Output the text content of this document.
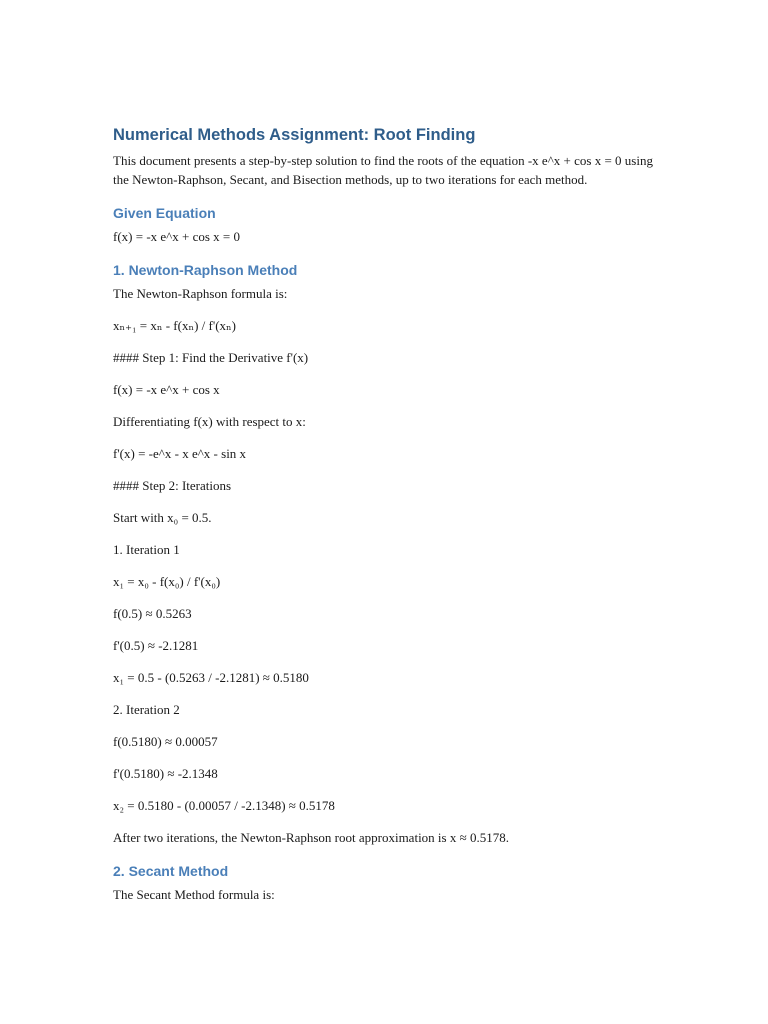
Numerical Methods Assignment: Root Finding

This document presents a step-by-step solution to find the roots of the equation -x e^x + cos x = 0 using the Newton-Raphson, Secant, and Bisection methods, up to two iterations for each method.

Given Equation

f(x) = -x e^x + cos x = 0

1. Newton-Raphson Method

The Newton-Raphson formula is:

xₙ₊₁ = xₙ - f(xₙ) / f'(xₙ)

#### Step 1: Find the Derivative f'(x)

f(x) = -x e^x + cos x

Differentiating f(x) with respect to x:

f'(x) = -e^x - x e^x - sin x

#### Step 2: Iterations

Start with x₀ = 0.5.

1. Iteration 1

x₁ = x₀ - f(x₀) / f'(x₀)

f(0.5) ≈ 0.5263

f'(0.5) ≈ -2.1281

x₁ = 0.5 - (0.5263 / -2.1281) ≈ 0.5180

2. Iteration 2

f(0.5180) ≈ 0.00057

f'(0.5180) ≈ -2.1348

x₂ = 0.5180 - (0.00057 / -2.1348) ≈ 0.5178

After two iterations, the Newton-Raphson root approximation is x ≈ 0.5178.

2. Secant Method

The Secant Method formula is:
